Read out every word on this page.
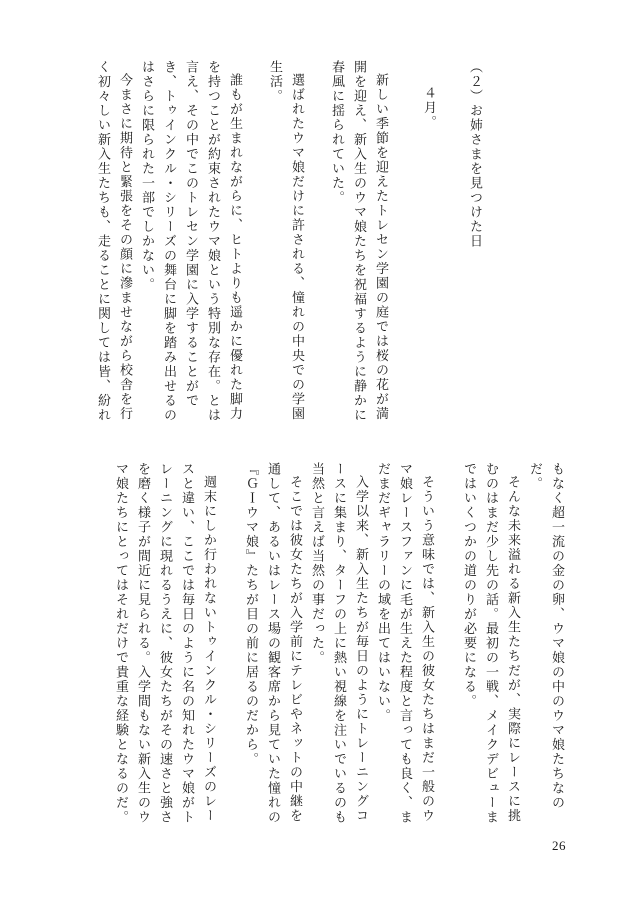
（２）お姉さまを見つけた日
４月。
新しい季節を迎えたトレセン学園の庭では桜の花が満
開を迎え、新入生のウマ娘たちを祝福するように静かに
春風に揺られていた。
選ばれたウマ娘だけに許される、憧れの中央での学園
生活。
誰もが生まれながらに、ヒトよりも遥かに優れた脚力
を持つことが約束されたウマ娘という特別な存在。とは
言え、その中でこのトレセン学園に入学することがで
き、トゥインクル・シリーズの舞台に脚を踏み出せるの
はさらに限られた一部でしかない。
今まさに期待と緊張をその顔に滲ませながら校舎を行
く初々しい新入生たちも、走ることに関しては皆、紛れ
もなく超一流の金の卵、ウマ娘の中のウマ娘たちなの
だ。
そんな未来溢れる新入生たちだが、実際にレースに挑
むのはまだ少し先の話。最初の一戦、メイクデビューま
ではいくつかの道のりが必要になる。
そういう意味では、新入生の彼女たちはまだ一般のウ
マ娘レースファンに毛が生えた程度と言っても良く、ま
だまだギャラリーの域を出てはいない。
入学以来、新入生たちが毎日のようにトレーニングコ
ースに集まり、ターフの上に熱い視線を注いでいるのも
当然と言えば当然の事だった。
そこでは彼女たちが入学前にテレビやネットの中継を
通して、あるいはレース場の観客席から見ていた憧れの
『ＧＩウマ娘』たちが目の前に居るのだから。
週末にしか行われないトゥインクル・シリーズのレー
スと違い、ここでは毎日のように名の知れたウマ娘がト
レーニングに現れるうえに、彼女たちがその速さと強さ
を磨く様子が間近に見られる。入学間もない新入生のウ
マ娘たちにとってはそれだけで貴重な経験となるのだ。
26
